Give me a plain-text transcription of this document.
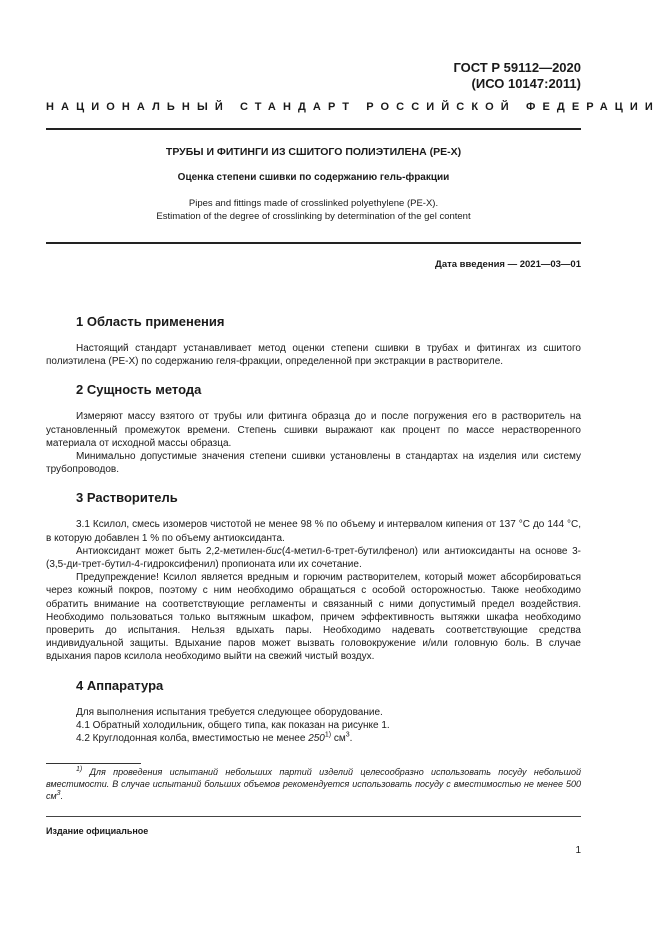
ГОСТ Р 59112—2020
(ИСО 10147:2011)
НАЦИОНАЛЬНЫЙ СТАНДАРТ РОССИЙСКОЙ ФЕДЕРАЦИИ
ТРУБЫ И ФИТИНГИ ИЗ СШИТОГО ПОЛИЭТИЛЕНА (PE-X)
Оценка степени сшивки по содержанию гель-фракции
Pipes and fittings made of crosslinked polyethylene (PE-X).
Estimation of the degree of crosslinking by determination of the gel content
Дата введения — 2021—03—01
1 Область применения

Настоящий стандарт устанавливает метод оценки степени сшивки в трубах и фитингах из сшитого полиэтилена (PE-X) по содержанию геля-фракции, определенной при экстракции в растворителе.

2 Сущность метода

Измеряют массу взятого от трубы или фитинга образца до и после погружения его в растворитель на установленный промежуток времени. Степень сшивки выражают как процент по массе нерастворенного материала от исходной массы образца.

Минимально допустимые значения степени сшивки установлены в стандартах на изделия или систему трубопроводов.

3 Растворитель

3.1 Ксилол, смесь изомеров чистотой не менее 98 % по объему и интервалом кипения от 137 °С до 144 °С, в которую добавлен 1 % по объему антиоксиданта.

Антиоксидант может быть 2,2-метилен-бис(4-метил-6-трет-бутилфенол) или антиоксиданты на основе 3-(3,5-ди-трет-бутил-4-гидроксифенил) пропионата или их сочетание.

Предупреждение! Ксилол является вредным и горючим растворителем, который может абсорбироваться через кожный покров, поэтому с ним необходимо обращаться с особой осторожностью. Также необходимо обратить внимание на соответствующие регламенты и связанный с ними допустимый предел воздействия. Необходимо пользоваться только вытяжным шкафом, причем эффективность вытяжки шкафа необходимо проверить до испытания. Нельзя вдыхать пары. Необходимо надевать соответствующие средства индивидуальной защиты. Вдыхание паров может вызвать головокружение и/или головную боль. В случае вдыхания паров ксилола необходимо выйти на свежий чистый воздух.

4 Аппаратура

Для выполнения испытания требуется следующее оборудование.

4.1 Обратный холодильник, общего типа, как показан на рисунке 1.

4.2 Круглодонная колба, вместимостью не менее 250$^{1)}$ $см^3$.

$^{1)}$ Для проведения испытаний небольших партий изделий целесообразно использовать посуду небольшой вместимости. В случае испытаний больших объемов рекомендуется использовать посуду с вместимостью не менее 500 $см^3$.
Издание официальное
1
